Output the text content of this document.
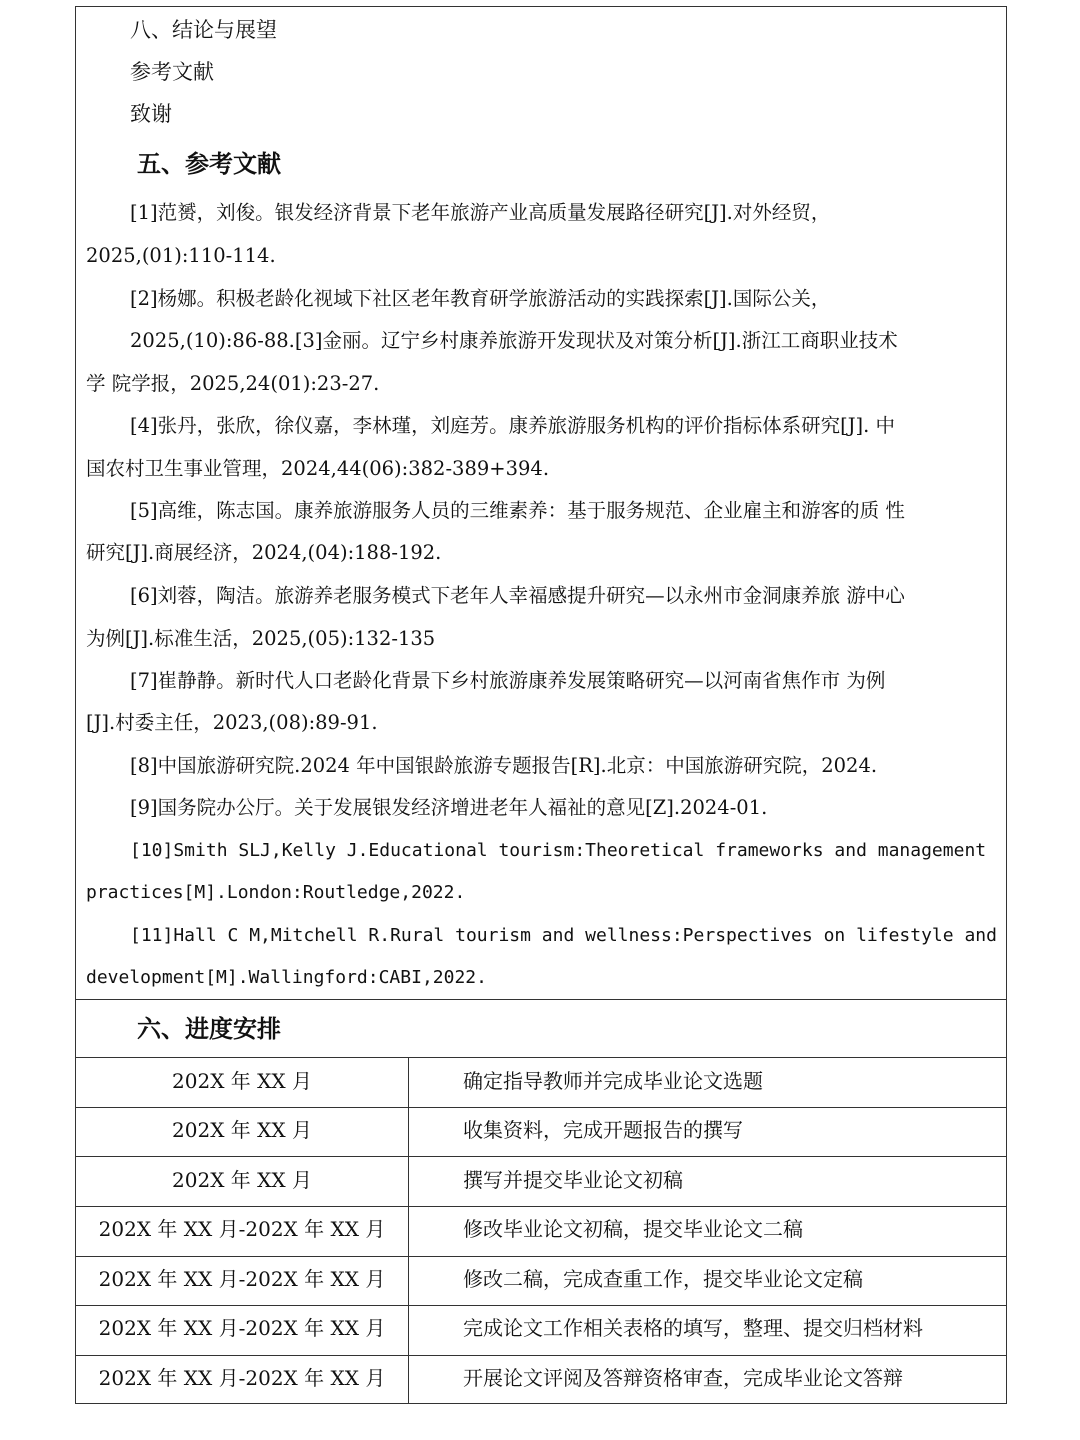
八、结论与展望
参考文献
致谢
五、参考文献
[1]范赟，刘俊。银发经济背景下老年旅游产业高质量发展路径研究[J].对外经贸，
2025,(01):110-114.
[2]杨娜。积极老龄化视域下社区老年教育研学旅游活动的实践探索[J].国际公关，
2025,(10):86-88.[3]金丽。辽宁乡村康养旅游开发现状及对策分析[J].浙江工商职业技术
学 院学报，2025,24(01):23-27.
[4]张丹，张欣，徐仪嘉，李林瑾，刘庭芳。康养旅游服务机构的评价指标体系研究[J]. 中
国农村卫生事业管理，2024,44(06):382-389+394.
[5]高维，陈志国。康养旅游服务人员的三维素养：基于服务规范、企业雇主和游客的质 性
研究[J].商展经济，2024,(04):188-192.
[6]刘蓉，陶洁。旅游养老服务模式下老年人幸福感提升研究—以永州市金洞康养旅 游中心
为例[J].标准生活，2025,(05):132-135
[7]崔静静。新时代人口老龄化背景下乡村旅游康养发展策略研究—以河南省焦作市 为例
[J].村委主任，2023,(08):89-91.
[8]中国旅游研究院.2024 年中国银龄旅游专题报告[R].北京：中国旅游研究院，2024.
[9]国务院办公厅。关于发展银发经济增进老年人福祉的意见[Z].2024-01.
[10]Smith SLJ,Kelly J.Educational tourism:Theoretical frameworks and management
practices[M].London:Routledge,2022.
[11]Hall C M,Mitchell R.Rural tourism and wellness:Perspectives on lifestyle and
development[M].Wallingford:CABI,2022.
六、进度安排
202X 年 XX 月	确定指导教师并完成毕业论文选题
202X 年 XX 月	收集资料，完成开题报告的撰写
202X 年 XX 月	撰写并提交毕业论文初稿
202X 年 XX 月-202X 年 XX 月	修改毕业论文初稿，提交毕业论文二稿
202X 年 XX 月-202X 年 XX 月	修改二稿，完成查重工作，提交毕业论文定稿
202X 年 XX 月-202X 年 XX 月	完成论文工作相关表格的填写，整理、提交归档材料
202X 年 XX 月-202X 年 XX 月	开展论文评阅及答辩资格审查，完成毕业论文答辩
